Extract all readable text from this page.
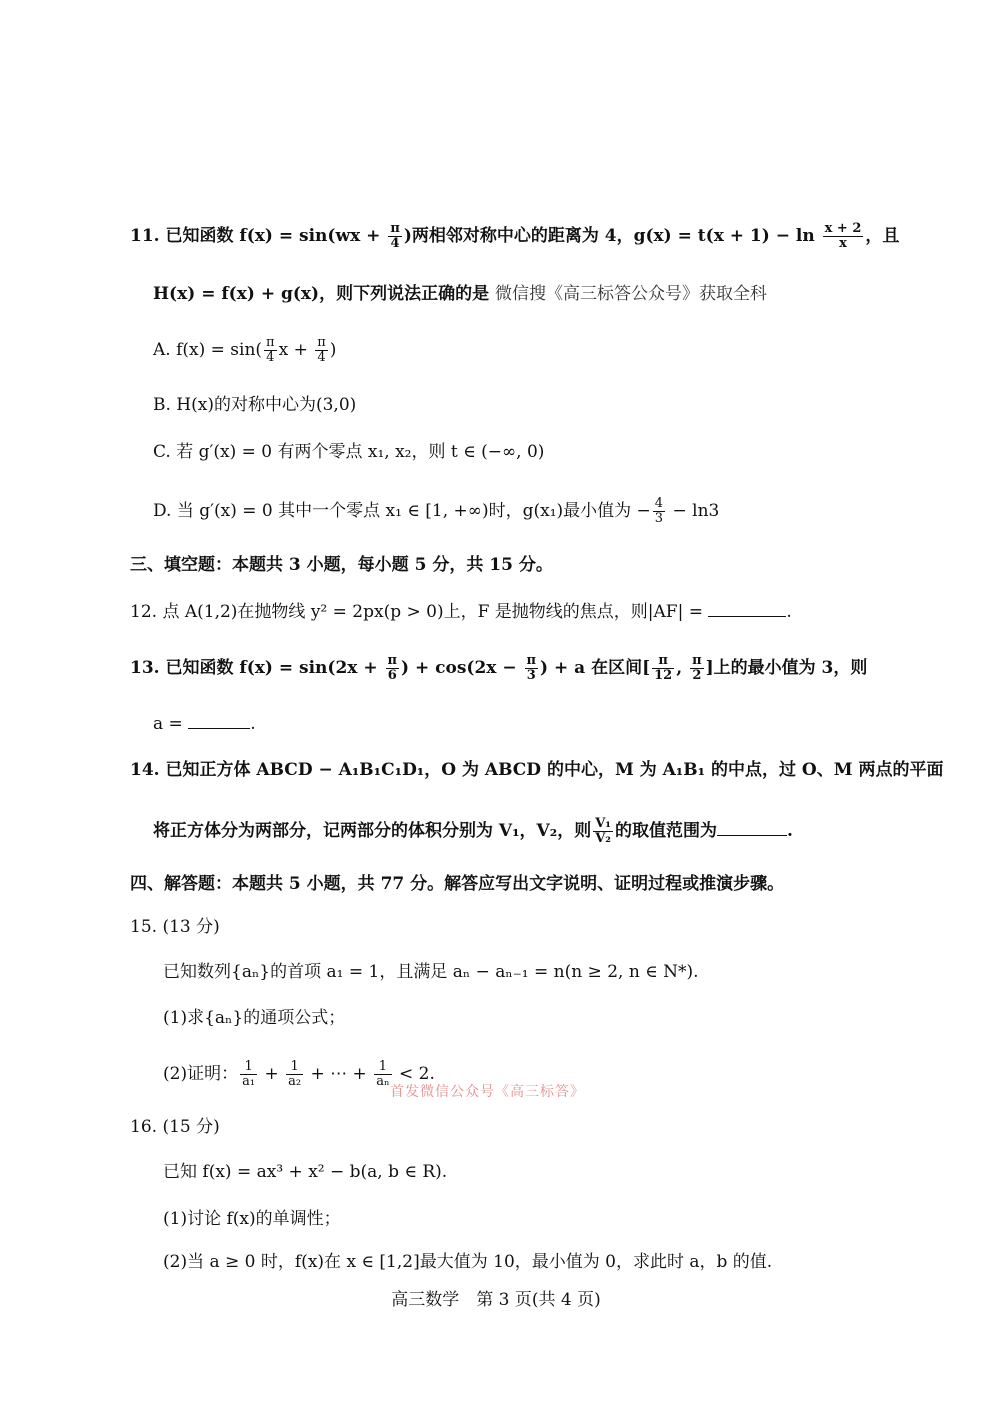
11. 已知函数 $f(x) = \sin(wx + \frac{\pi}{4}$ )两相邻对称中心的距离为 4，$g(x) = t(x + 1) - \ln \frac{x + 2}{x}$ ，且
H(x) = f(x) + g(x)，则下列说法正确的是 微信搜《高三标答公众号》获取全科
A. $f(x) = \sin( \frac{\pi}{4}$ $x + \frac{\pi}{4}$ )
B. H(x)的对称中心为(3,0)
C. 若 g′(x) = 0 有两个零点 x₁, x₂，则 t ∈ (−∞, 0)
D. 当 g′(x) = 0 其中一个零点 x₁ ∈ [1, +∞)时，g(x₁)最小值为 − $\frac{4}{3} - \ln 3$
三、填空题：本题共 3 小题，每小题 5 分，共 15 分。
12. 点 A(1,2)在抛物线 y² = 2px(p > 0)上，F 是抛物线的焦点，则|AF| =	.
13. 已知函数 $f(x) = \sin(2x + \frac{\pi}{6}$ ) + $\cos(2x - \frac{\pi}{3}$ ) + a 在区间[ $\frac{\pi}{12}$ , $\frac{\pi}{2}$ ]上的最小值为 3，则
a =	.
14. 已知正方体 ABCD − A₁B₁C₁D₁，O 为 ABCD 的中心，M 为 A₁B₁ 的中点，过 O、M 两点的平面
将正方体分为两部分，记两部分的体积分别为 V₁，V₂，则 $\frac{\text{V₁}}{\text{V₂}}$ 的取值范围为	.
四、解答题：本题共 5 小题，共 77 分。解答应写出文字说明、证明过程或推演步骤。
15. (13 分)
已知数列{aₙ}的首项 a₁ = 1，且满足 aₙ − aₙ₋₁ = n(n ≥ 2, n ∈ N*).
(1)求{aₙ}的通项公式；
(2)证明： $\frac{1}{\text{a₁}} + \frac{1}{\text{a₂}}$ + ⋯ + $\frac{1}{\text{aₙ}} < 2$.
首发微信公众号《高三标答》
16. (15 分)
已知 f(x) = ax³ + x² − b(a, b ∈ R).
(1)讨论 f(x)的单调性；
(2)当 a ≥ 0 时，f(x)在 x ∈ [1,2]最大值为 10，最小值为 0，求此时 a，b 的值.
高三数学　第 3 页(共 4 页)
